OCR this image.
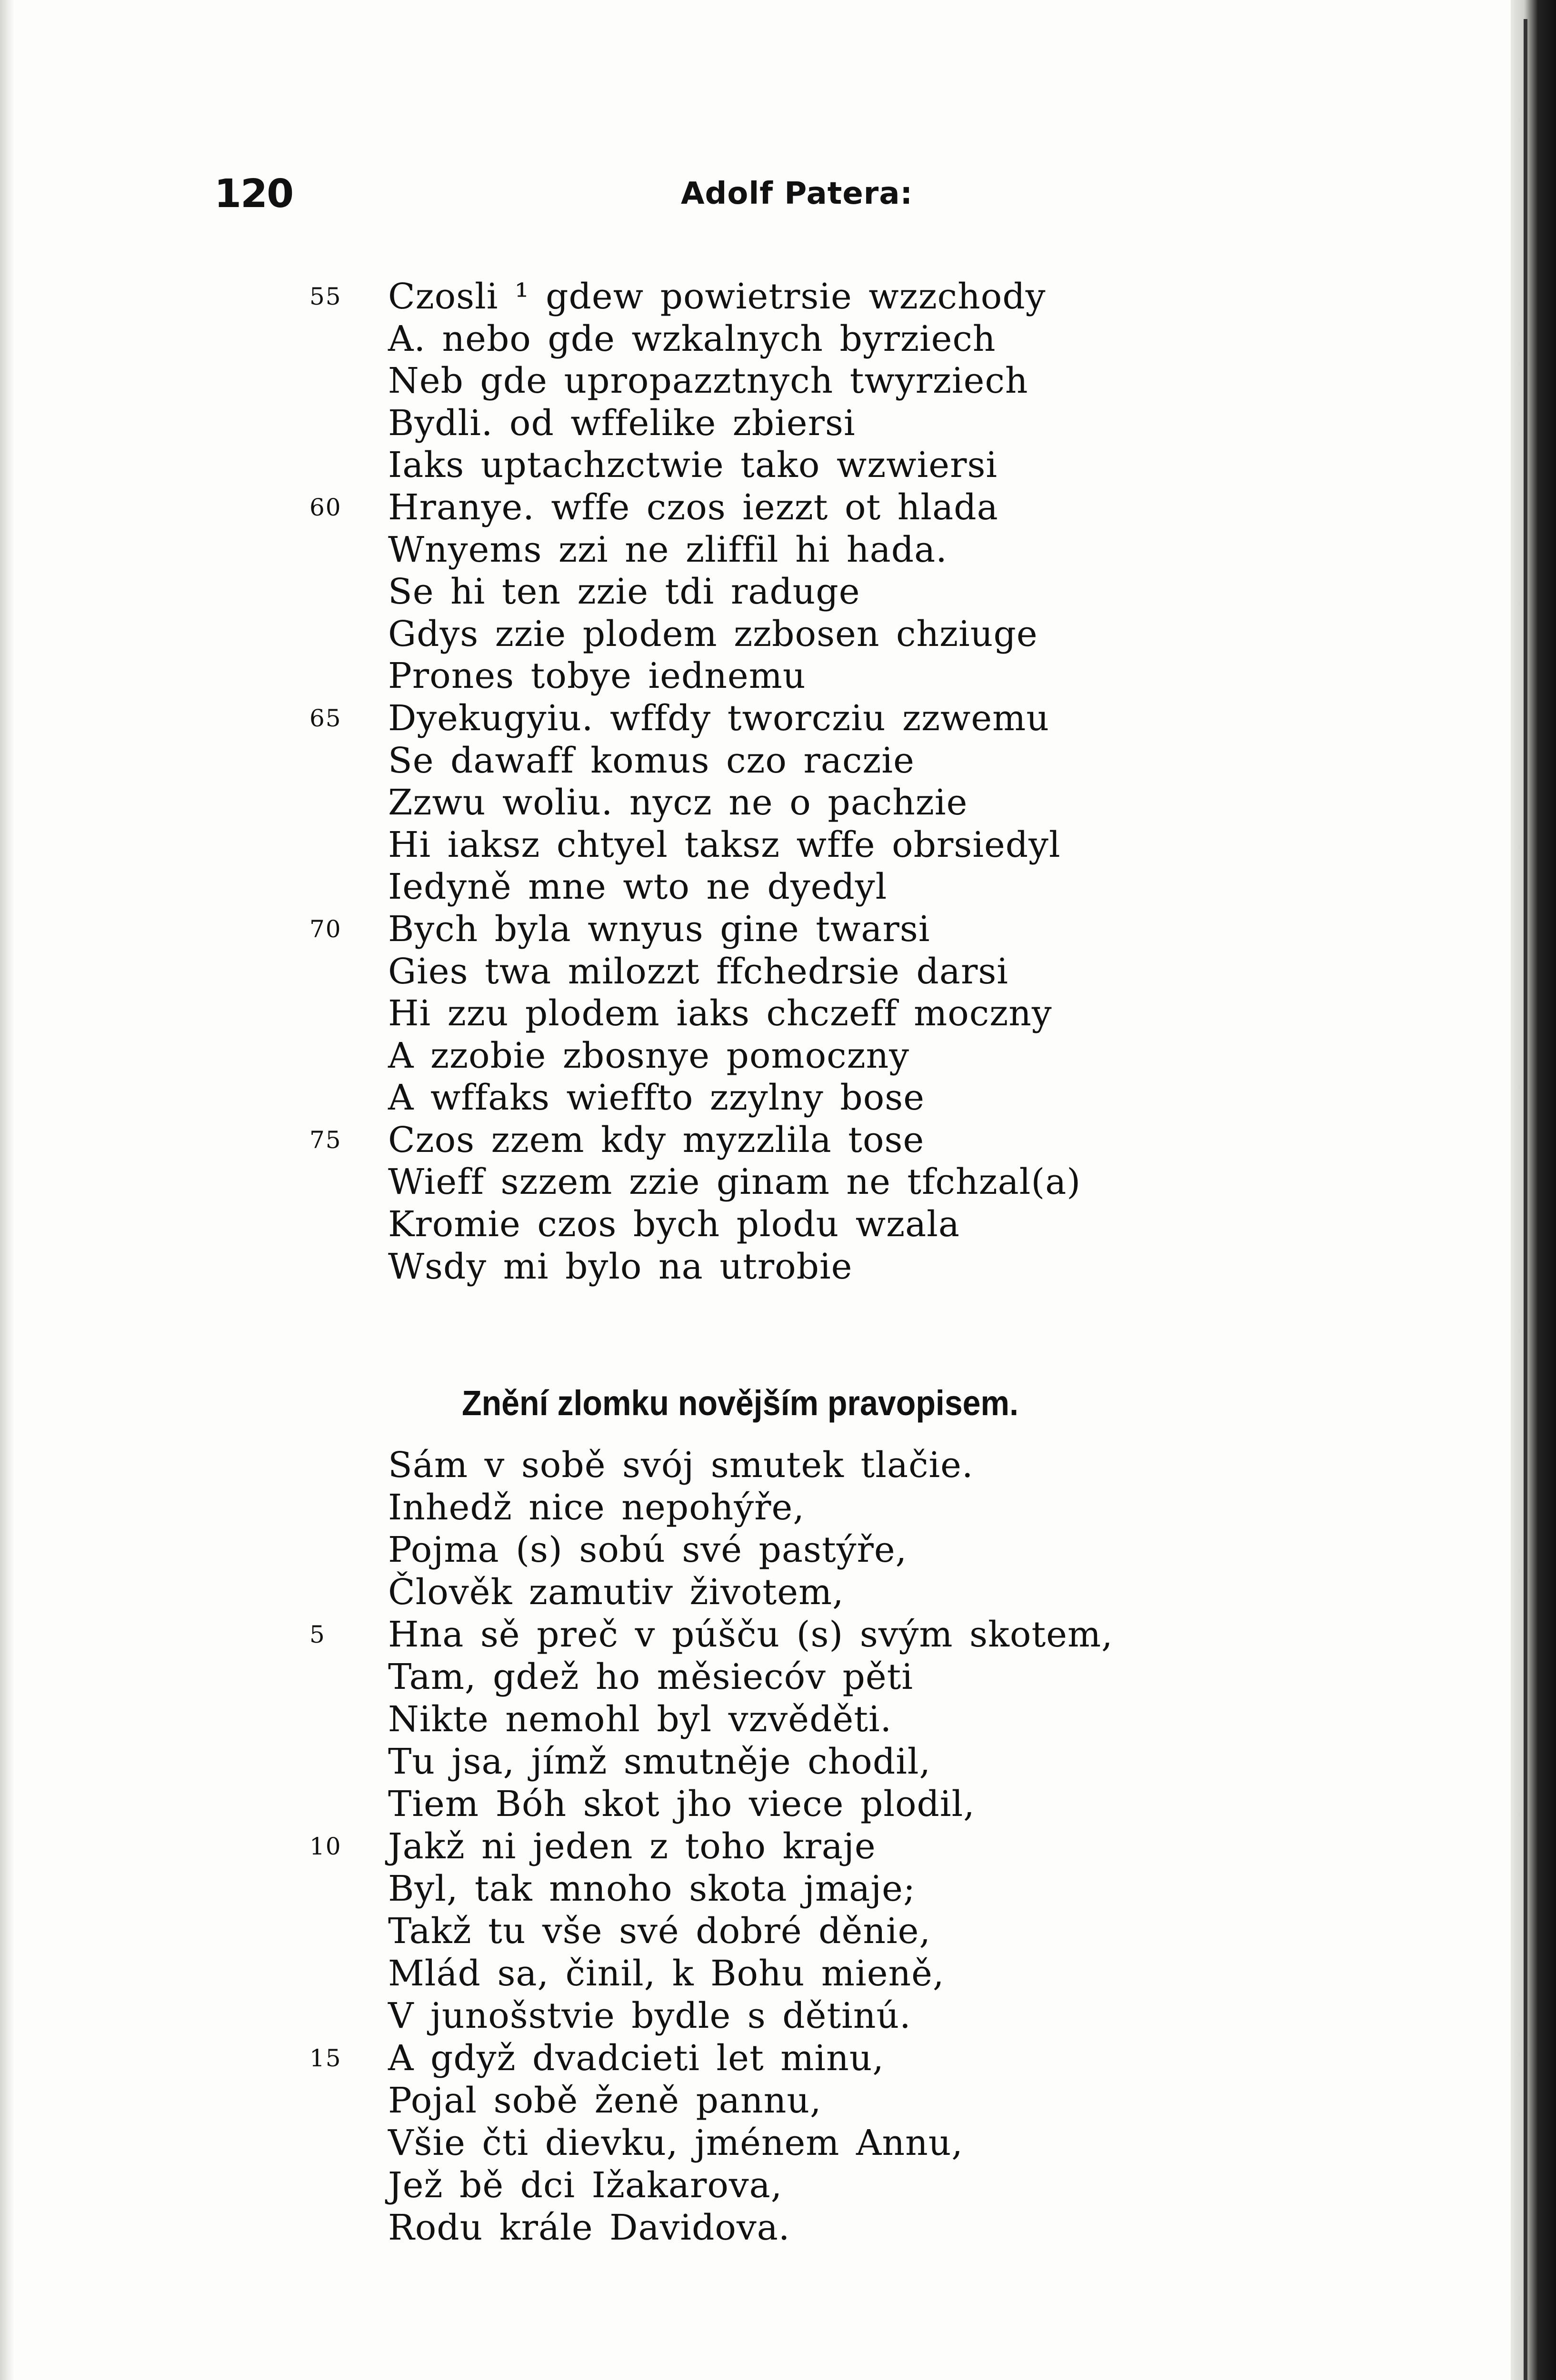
120	Adolf Patera:
55	Czosli ¹ gdew powietrsie wzzchody
A. nebo gde wzkalnych byrziech
Neb gde upropazztnych twyrziech
Bydli. od wffelike zbiersi
Iaks uptachzctwie tako wzwiersi
60	Hranye. wffe czos iezzt ot hlada
Wnyems zzi ne zliffil hi hada.
Se hi ten zzie tdi raduge
Gdys zzie plodem zzbosen chziuge
Prones tobye iednemu
65	Dyekugyiu. wffdy tworcziu zzwemu
Se dawaff komus czo raczie
Zzwu woliu. nycz ne o pachzie
Hi iaksz chtyel taksz wffe obrsiedyl
Iedyně mne wto ne dyedyl
70	Bych byla wnyus gine twarsi
Gies twa milozzt ffchedrsie darsi
Hi zzu plodem iaks chczeff moczny
A zzobie zbosnye pomoczny
A wffaks wieffto zzylny bose
75	Czos zzem kdy myzzlila tose
Wieff szzem zzie ginam ne tfchzal(a)
Kromie czos bych plodu wzala
Wsdy mi bylo na utrobie
Znění zlomku novějším pravopisem.
Sám v sobě svój smutek tlačie.
Inhedž nice nepohýře,
Pojma (s) sobú své pastýře,
Člověk zamutiv životem,
5	Hna sě preč v púšču (s) svým skotem,
Tam, gdež ho měsiecóv pěti
Nikte nemohl byl vzvěděti.
Tu jsa, jímž smutněje chodil,
Tiem Bóh skot jho viece plodil,
10	Jakž ni jeden z toho kraje
Byl, tak mnoho skota jmaje;
Takž tu vše své dobré děnie,
Mlád sa, činil, k Bohu mieně,
V junošstvie bydle s dětinú.
15	A gdyž dvadcieti let minu,
Pojal sobě ženě pannu,
Všie čti dievku, jménem Annu,
Jež bě dci Ižakarova,
Rodu krále Davidova.
